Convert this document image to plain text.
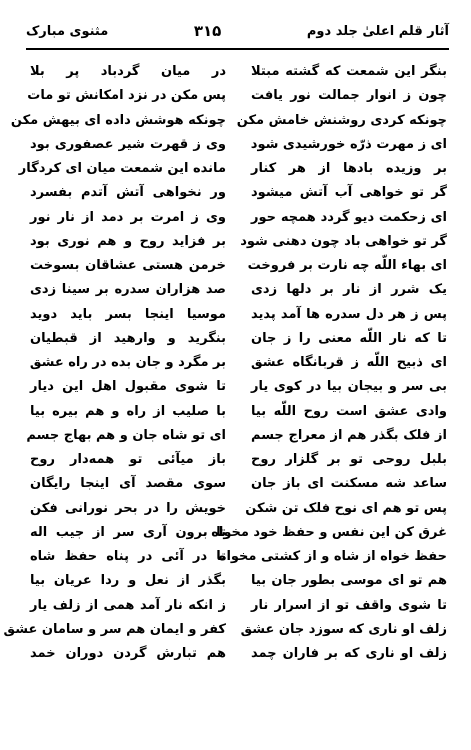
مثنوی مبارک	۳۱۵	آثار قلم اعلیٰ جلد دوم
در میان گردباد پر بلا
پس مکن در نزد امکانش تو مات
چونکه هوشش داده ای بیهش مکن
وی ز قهرت شیر عصفوری بود
مانده این شمعت میان ای کردگار
ور نخواهی آتش آتدم بفسرد
وی ز امرت بر دمد از نار نور
بر فزاید روح و هم نوری بود
خرمن هستی عشاقان بسوخت
صد هزاران سدره بر سینا زدی
موسیا اینجا بسر باید دوید
بنگرید و وارهید از قبطیان
بر مگرد و جان بده در راه عشق
تا شوی مقبول اهل این دیار
با صلیب از راه و هم بیره بیا
ای تو شاه جان و هم بهاج جسم
باز میآئی تو همه‌دار روح
سوی مقصد آی اینجا رایگان
خویش را در بحر نورانی فکن
تا برون آری سر از جیب اله
تا در آئی در پناه حفظ شاه
بگذر از نعل و ردا عریان بیا
ز انکه نار آمد همی از زلف یار
کفر و ایمان هم سر و سامان عشق
هم تبارش گردن دوران خمد
بنگر این شمعت که گشته مبتلا
چون ز انوار جمالت نور یافت
چونکه کردی روشنش خامش مکن
ای ز مهرت ذرّه خورشیدی شود
بر وزیده بادها از هر کنار
گر تو خواهی آب آتش میشود
ای زحکمت دیو گردد همچه حور
گر تو خواهی باد چون دهنی شود
ای بهاء اللّه چه نارت بر فروخت
یک شرر از نار بر دلها زدی
پس ز هر دل سدره ها آمد پدید
تا که نار اللّه معنی را ز جان
ای ذبیح اللّه ز قربانگاه عشق
بی سر و بیجان بیا در کوی یار
وادی عشق است روح اللّه بیا
از فلک بگذر هم از معراج جسم
بلبل روحی تو بر گلزار روح
ساعد شه مسکنت ای باز جان
پس تو هم ای نوح فلک تن شکن
غرق کن این نفس و حفظ خود مخواه
حفظ خواه از شاه و از کشتی مخواه
هم تو ای موسی بطور جان بیا
تا شوی واقف تو از اسرار نار
زلف او ناری که سوزد جان عشق
زلف او ناری که بر فاران چمد
